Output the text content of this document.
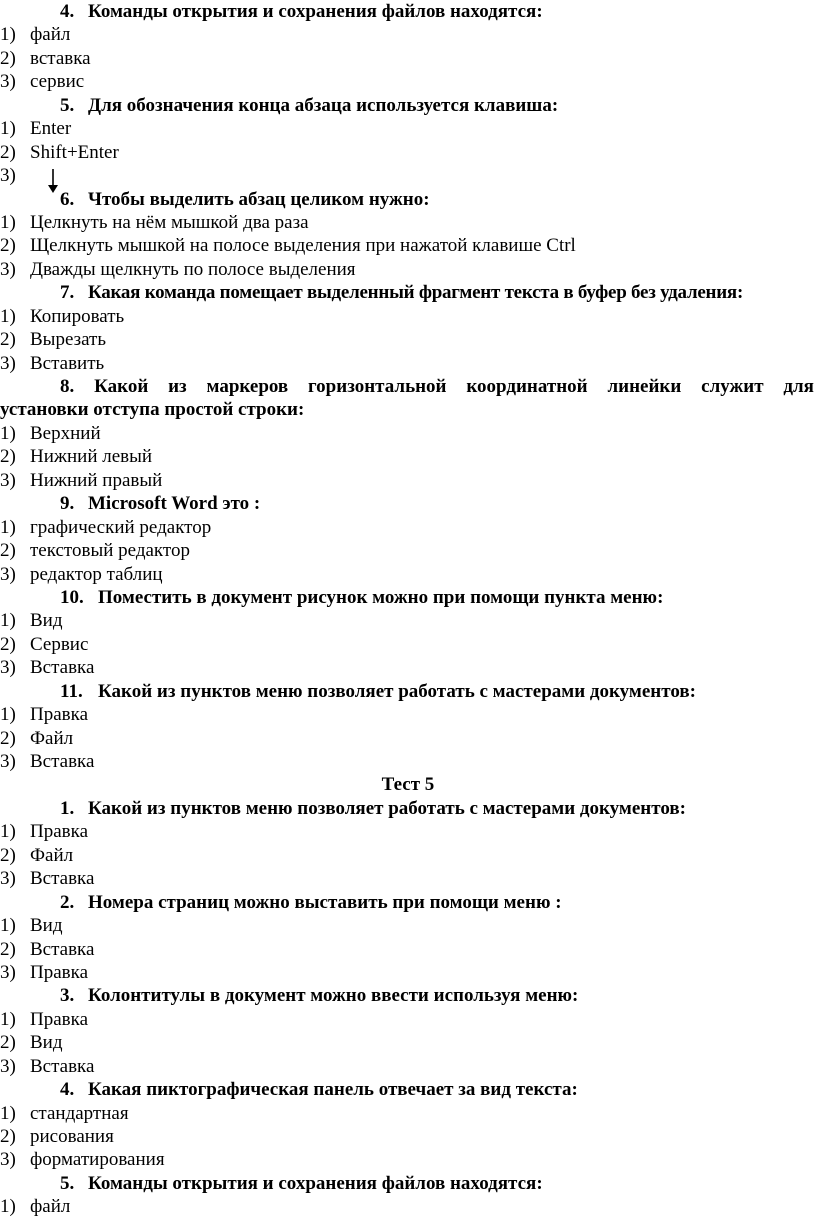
4. Команды открытия и сохранения файлов находятся:
1) файл
2) вставка
3) сервис
5. Для обозначения конца абзаца используется клавиша:
1) Enter
2) Shift+Enter
3)
6. Чтобы выделить абзац целиком нужно:
1) Целкнуть на нём мышкой два раза
2) Щелкнуть мышкой на полосе выделения при нажатой клавише Ctrl
3) Дважды щелкнуть по полосе выделения
7. Какая команда помещает выделенный фрагмент текста в буфер без удаления:
1) Копировать
2) Вырезать
3) Вставить
8. Какой из маркеров горизонтальной координатной линейки служит для
установки отступа простой строки:
1) Верхний
2) Нижний левый
3) Нижний правый
9. Microsoft Word это :
1) графический редактор
2) текстовый редактор
3) редактор таблиц
10. Поместить в документ рисунок можно при помощи пункта меню:
1) Вид
2) Сервис
3) Вставка
11. Какой из пунктов меню позволяет работать с мастерами документов:
1) Правка
2) Файл
3) Вставка
Тест 5
1. Какой из пунктов меню позволяет работать с мастерами документов:
1) Правка
2) Файл
3) Вставка
2. Номера страниц можно выставить при помощи меню :
1) Вид
2) Вставка
3) Правка
3. Колонтитулы в документ можно ввести используя меню:
1) Правка
2) Вид
3) Вставка
4. Какая пиктографическая панель отвечает за вид текста:
1) стандартная
2) рисования
3) форматирования
5. Команды открытия и сохранения файлов находятся:
1) файл
